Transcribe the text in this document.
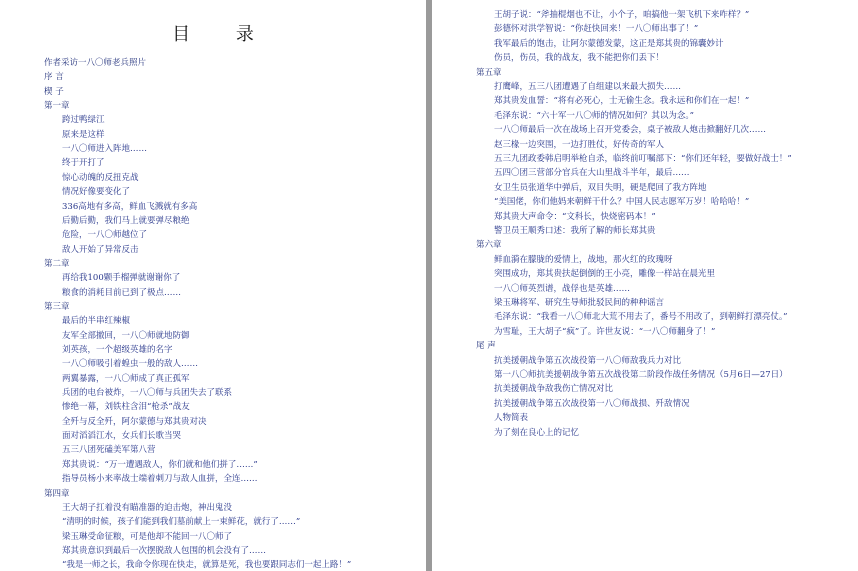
目 录
作者采访一八〇师老兵照片
序 言
楔 子
第一章
跨过鸭绿江
原来是这样
一八〇师进入阵地……
终于开打了
惊心动魄的反扭克战
情况好像要变化了
336高地有多高，鲜血飞溅就有多高
后勤后勤，我们马上就要弹尽粮绝
危险，一八〇师越位了
敌人开始了异常反击
第二章
再给我100颗手榴弹就谢谢你了
粮食的消耗目前已到了极点……
第三章
最后的半串红辣椒
友军全部撤回，一八〇师就地防御
刘英孩，一个超级英雄的名字
一八〇师吸引着蝗虫一般的敌人……
两翼暴露，一八〇师成了真正孤军
兵团的电台被炸，一八〇师与兵团失去了联系
惨绝一幕，刘铁柱含泪“枪杀”战友
全歼与反全歼，阿尔蒙德与郑其贵对决
面对滔滔江水，女兵们长歌当哭
五三八团死磕美军第八营
郑其贵说：“万一遭遇敌人，你们就和他们拼了……”
指导员杨小来率战士端着刺刀与敌人血拼，全连……
第四章
王大胡子扛着没有瞄准器的迫击炮，神出鬼没
“清明的时候，孩子们能到我们墓前献上一束鲜花，就行了……”
梁玉琳受命征粮，可是他却不能回一八〇师了
郑其贵意识到最后一次摆脱敌人包围的机会没有了……
“我是一师之长，我命令你现在快走，就算是死，我也要跟同志们一起上路！”
王胡子说：“斧抽棍烟也不让，小个子，咱搞他一架飞机下来咋样？”
彭德怀对洪学智说：“你赶快回来！一八〇师出事了！”
我军最后的饱击，让阿尔蒙德发蒙，这正是郑其贵的锦囊妙计
伤员，伤员，我的战友，我不能把你们丢下！
第五章
打鹰峰，五三八团遭遇了自组建以来最大损失……
郑其贵发血誓：“将有必死心，士无偷生念。我永远和你们在一起！”
毛泽东说：“六十军一八〇师的情况如何？其以为念。”
一八〇师最后一次在战场上召开党委会，桌子被敌人炮击掀翻好几次……
赵三椽一边突围，一边打胜仗，好传奇的军人
五三九团政委韩启明举枪自杀，临终前叮嘱部下：“你们还年轻，要做好战士！”
五四〇团三营部分官兵在大山里战斗半年，最后……
女卫生员张道华中弹后，双目失明，硬是爬回了我方阵地
“美国佬，你们他妈来朝鲜干什么？中国人民志愿军万岁！哈哈哈！”
郑其贵大声命令：“文科长，快烧密码本！”
警卫员王顺秀口述：我所了解的师长郑其贵
第六章
鲜血漪在朦胧的爱情上，战地，那火红的玫瑰呀
突围成功，郑其贵扶起倒倒的王小亮，雕像一样站在晨光里
一八〇师英烈谱，战俘也是英雄……
梁玉琳将军、研究生导师批驳民间的种种谣言
毛泽东说：“我看一八〇师北大荒不用去了，番号不用改了，到朝鲜打漂亮仗。”
为雪耻，王大胡子“疯”了。许世友说：“一八〇师翻身了！”
尾 声
抗美援朝战争第五次战役第一八〇师敌我兵力对比
第一八〇师抗美援朝战争第五次战役第二阶段作战任务情况（5月6日—27日）
抗美援朝战争敌我伤亡情况对比
抗美援朝战争第五次战役第一八〇师战损、歼敌情况
人物简表
为了刻在良心上的记忆
